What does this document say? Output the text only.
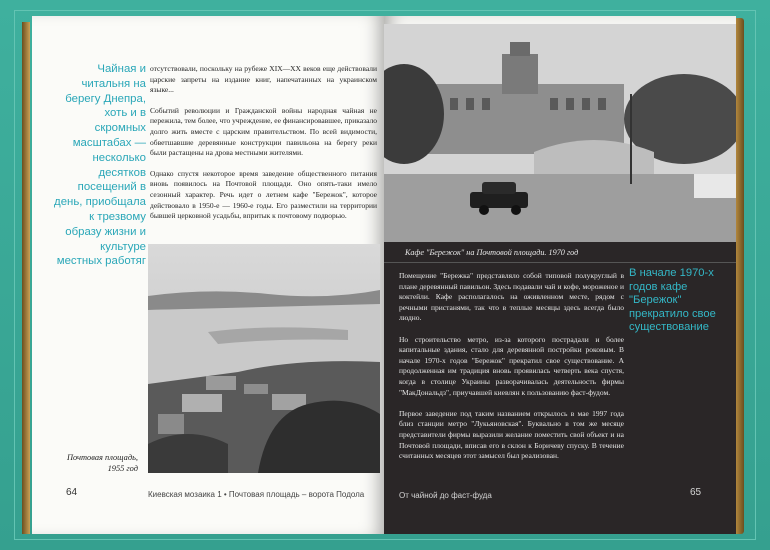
Чайная и читальня на берегу Днепра, хоть и в скромных масштабах — несколько десятков посещений в день, приобщала к трезвому образу жизни и культуре местных работяг

отсутствовали, поскольку на рубеже XIX—XX веков еще действовали царские запреты на издание книг, напечатанных на украинском языке...

Событий революции и Гражданской войны народная чайная не пережила, тем более, что учреждение, ее финансировавшее, приказало долго жить вместе с царским правительством. По всей видимости, обветшавшие деревянные конструкции павильона на берегу реки были растащены на дрова местными жителями.

Однако спустя некоторое время заведение общественного питания вновь появилось на Почтовой площади. Оно опять-таки имело сезонный характер. Речь идет о летнем кафе "Бережок", которое действовало в 1950-е — 1960-е годы. Его разместили на территории бывшей церковной усадьбы, впритык к почтовому подворью.

Почтовая площадь, 1955 год
64	Киевская мозаика 1 • Почтовая площадь – ворота Подола
Кафе "Бережок" на Почтовой площади. 1970 год

Помещение "Бережка" представляло собой типовой полукруглый в плане деревянный павильон. Здесь подавали чай и кофе, мороженое и коктейли. Кафе располагалось на оживленном месте, рядом с речными пристанями, так что в теплые месяцы здесь всегда было людно.

Но строительство метро, из-за которого пострадали и более капитальные здания, стало для деревянной постройки роковым. В начале 1970-х годов "Бережок" прекратил свое существование. А продолженная им традиция вновь проявилась четверть века спустя, когда в столице Украины разворачивалась деятельность фирмы "МакДональдз", приучавшей киевлян к пользованию фаст-фудом.

Первое заведение под таким названием открылось в мае 1997 года близ станции метро "Лукьяновская". Буквально в том же месяце представители фирмы выразили желание поместить свой объект и на Почтовой площади, вписав его в склон к Боричеву спуску. В течение считанных месяцев этот замысел был реализован.

В начале 1970-х годов кафе "Бережок" прекратило свое существование
От чайной до фаст-фуда	65
